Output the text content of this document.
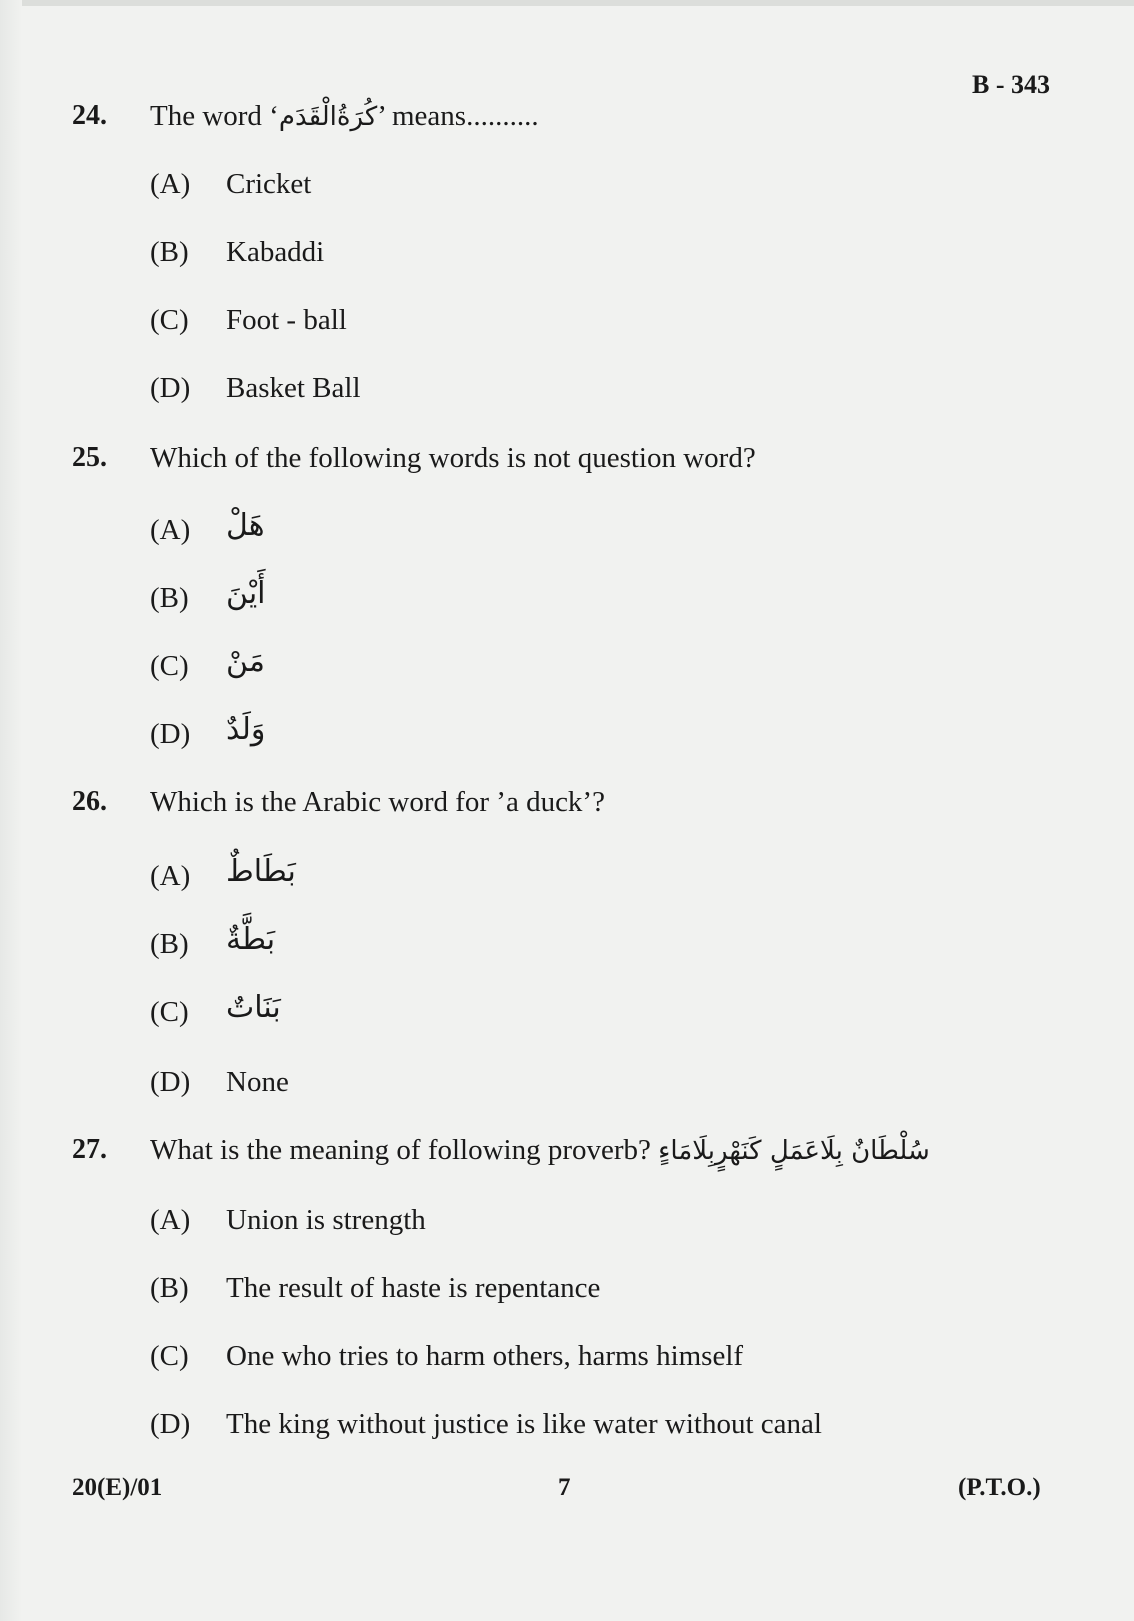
B - 343
24. The word ‘كُرَةُالْقَدَم’ means..........
(A) Cricket
(B) Kabaddi
(C) Foot - ball
(D) Basket Ball
25. Which of the following words is not question word?
(A) هَلْ
(B) أَيْنَ
(C) مَنْ
(D) وَلَدٌ
26. Which is the Arabic word for ’a duck’?
(A) بَطَاطٌ
(B) بَطَّةٌ
(C) بَنَاتٌ
(D) None
27. What is the meaning of following proverb? سُلْطَانٌ بِلَاعَمَلٍ كَنَهْرٍبِلَامَاءٍ
(A) Union is strength
(B) The result of haste is repentance
(C) One who tries to harm others, harms himself
(D) The king without justice is like water without canal
20(E)/01	7	(P.T.O.)
